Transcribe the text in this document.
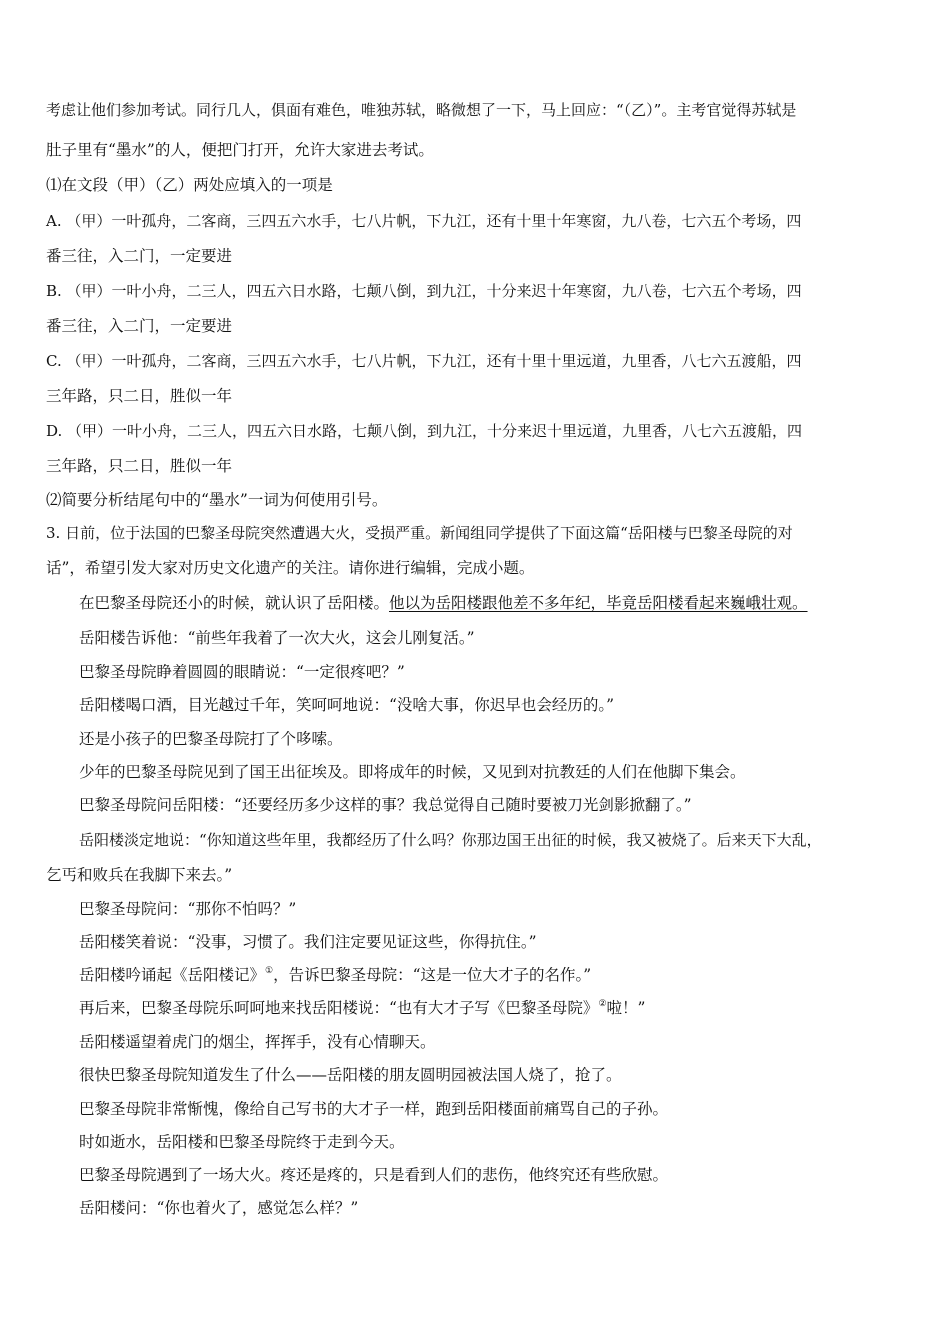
考虑让他们参加考试。同行几人，俱面有难色，唯独苏轼，略微想了一下，马上回应：“（乙）”。主考官觉得苏轼是
肚子里有“墨水”的人，便把门打开，允许大家进去考试。
⑴在文段（甲）（乙）两处应填入的一项是
A. （甲）一叶孤舟，二客商，三四五六水手，七八片帆，下九江，还有十里十年寒窗，九八卷，七六五个考场，四
番三往，入二门，一定要进
B. （甲）一叶小舟，二三人，四五六日水路，七颠八倒，到九江，十分来迟十年寒窗，九八卷，七六五个考场，四
番三往，入二门，一定要进
C. （甲）一叶孤舟，二客商，三四五六水手，七八片帆，下九江，还有十里十里远道，九里香，八七六五渡船，四
三年路，只二日，胜似一年
D. （甲）一叶小舟，二三人，四五六日水路，七颠八倒，到九江，十分来迟十里远道，九里香，八七六五渡船，四
三年路，只二日，胜似一年
⑵简要分析结尾句中的“墨水”一词为何使用引号。
3. 日前，位于法国的巴黎圣母院突然遭遇大火，受损严重。新闻组同学提供了下面这篇“岳阳楼与巴黎圣母院的对
话”，希望引发大家对历史文化遗产的关注。请你进行编辑，完成小题。
在巴黎圣母院还小的时候，就认识了岳阳楼。他以为岳阳楼跟他差不多年纪，毕竟岳阳楼看起来巍峨壮观。
岳阳楼告诉他：“前些年我着了一次大火，这会儿刚复活。”
巴黎圣母院睁着圆圆的眼睛说：“一定很疼吧？”
岳阳楼喝口酒，目光越过千年，笑呵呵地说：“没啥大事，你迟早也会经历的。”
还是小孩子的巴黎圣母院打了个哆嗦。
少年的巴黎圣母院见到了国王出征埃及。即将成年的时候，又见到对抗教廷的人们在他脚下集会。
巴黎圣母院问岳阳楼：“还要经历多少这样的事？我总觉得自己随时要被刀光剑影掀翻了。”
岳阳楼淡定地说：“你知道这些年里，我都经历了什么吗？你那边国王出征的时候，我又被烧了。后来天下大乱，
乞丐和败兵在我脚下来去。”
巴黎圣母院问：“那你不怕吗？”
岳阳楼笑着说：“没事，习惯了。我们注定要见证这些，你得抗住。”
岳阳楼吟诵起《岳阳楼记》①，告诉巴黎圣母院：“这是一位大才子的名作。”
再后来，巴黎圣母院乐呵呵地来找岳阳楼说：“也有大才子写《巴黎圣母院》②啦！”
岳阳楼遥望着虎门的烟尘，挥挥手，没有心情聊天。
很快巴黎圣母院知道发生了什么——岳阳楼的朋友圆明园被法国人烧了，抢了。
巴黎圣母院非常惭愧，像给自己写书的大才子一样，跑到岳阳楼面前痛骂自己的子孙。
时如逝水，岳阳楼和巴黎圣母院终于走到今天。
巴黎圣母院遇到了一场大火。疼还是疼的，只是看到人们的悲伤，他终究还有些欣慰。
岳阳楼问：“你也着火了，感觉怎么样？”
